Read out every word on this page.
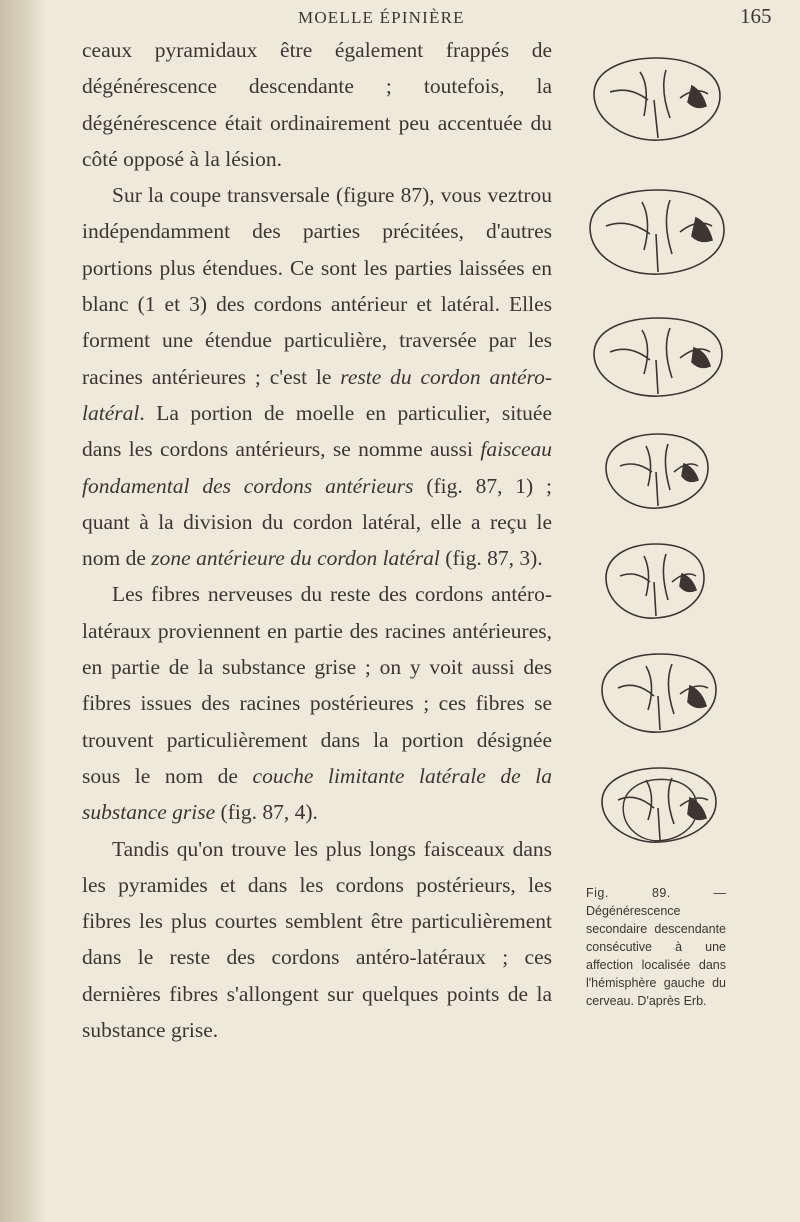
MOELLE ÉPINIÈRE	165

ceaux pyramidaux être également frappés de dégénérescence descendante ; toutefois, la dégénérescence était ordinairement peu accentuée du côté opposé à la lésion.

Sur la coupe transversale (figure 87), vous veztrou indépendamment des parties précitées, d'autres portions plus étendues. Ce sont les parties laissées en blanc (1 et 3) des cordons antérieur et latéral. Elles forment une étendue particulière, traversée par les racines antérieures ; c'est le reste du cordon antéro-latéral. La portion de moelle en particulier, située dans les cordons antérieurs, se nomme aussi faisceau fondamental des cordons antérieurs (fig. 87, 1) ; quant à la division du cordon latéral, elle a reçu le nom de zone antérieure du cordon latéral (fig. 87, 3).

Les fibres nerveuses du reste des cordons antéro-latéraux proviennent en partie des racines antérieures, en partie de la substance grise ; on y voit aussi des fibres issues des racines postérieures ; ces fibres se trouvent particulièrement dans la portion désignée sous le nom de couche limitante latérale de la substance grise (fig. 87, 4).

Tandis qu'on trouve les plus longs faisceaux dans les pyramides et dans les cordons postérieurs, les fibres les plus courtes semblent être particulièrement dans le reste des cordons antéro-latéraux ; ces dernières fibres s'allongent sur quelques points de la substance grise.

Fig. 89. — Dégénérescence secondaire descendante consécutive à une affection localisée dans l'hémisphère gauche du cerveau. D'après Erb.
